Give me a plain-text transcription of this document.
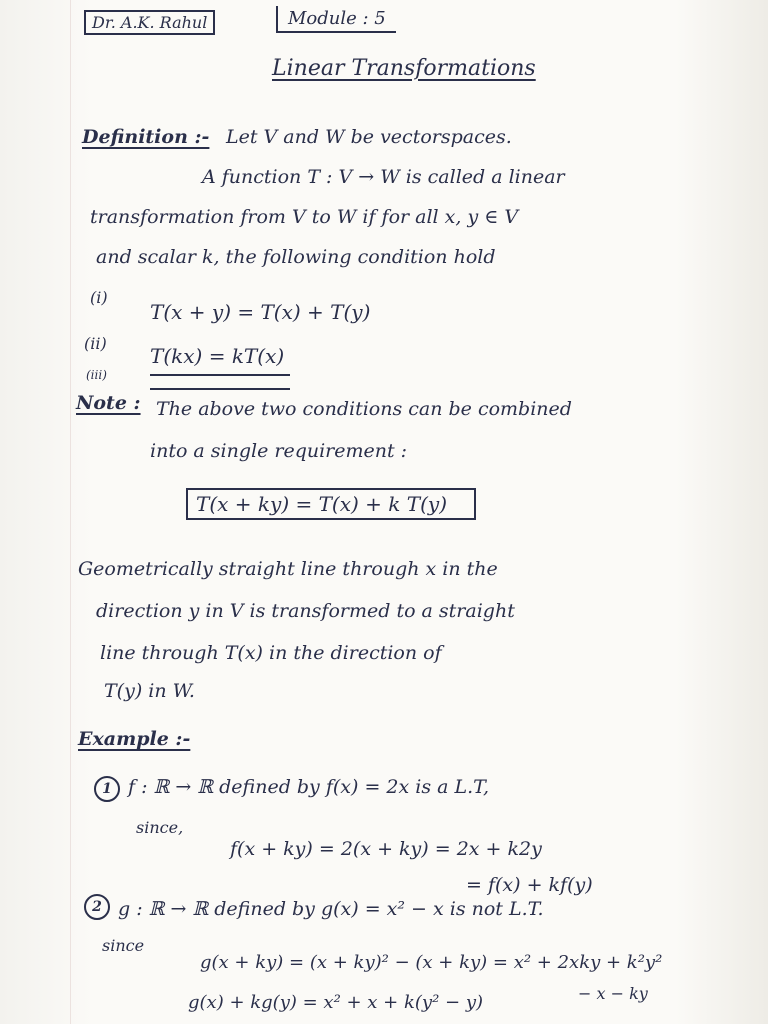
Dr. A.K. Rahul	Module : 5
Linear Transformations
Definition :- Let V and W be vectorspaces.
A function T : V → W is called a linear
transformation from V to W if for all x, y ∈ V
and scalar k, the following condition hold
(i)
T(x + y) = T(x) + T(y)
(ii)
T(kx) = kT(x)
(iii)
Note : The above two conditions can be combined
into a single requirement :
T(x + ky) = T(x) + k T(y)
Geometrically straight line through x in the
direction y in V is transformed to a straight
line through T(x) in the direction of
T(y) in W.
Example :-
1 f : ℝ → ℝ defined by f(x) = 2x is a L.T,
since,
f(x + ky) = 2(x + ky) = 2x + k2y
= f(x) + kf(y)
2 g : ℝ → ℝ defined by g(x) = x² − x is not L.T.
since
g(x + ky) = (x + ky)² − (x + ky) = x² + 2xky + k²y²
− x − ky
g(x) + kg(y) = x² + x + k(y² − y)
